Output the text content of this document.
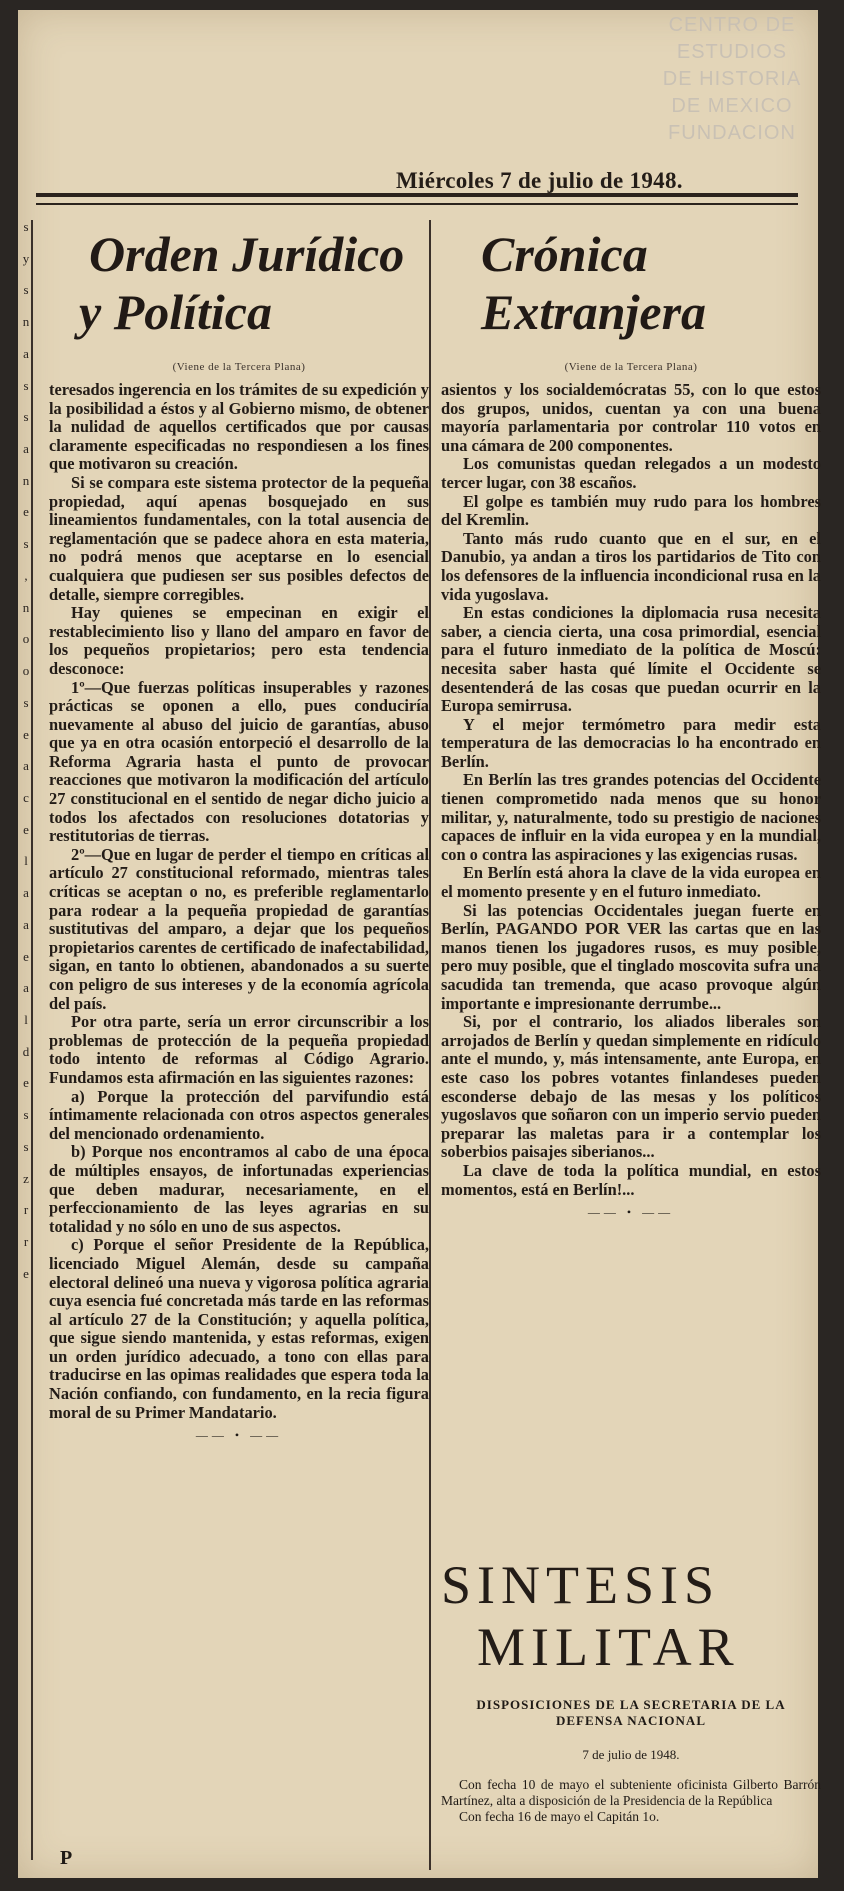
CENTRO DE
ESTUDIOS
DE HISTORIA
DE MEXICO
FUNDACION
s
y
s
n
a
s
s
a
n
e
s
,
n
o
o
s
e
a
c
e
l
a
a
e
a
l
d
e
s
s
z
r
r
e
Miércoles 7 de julio de 1948.
Orden Jurídico
y Política
(Viene de la Tercera Plana)

teresados ingerencia en los trámites de su expedición y la posibilidad a éstos y al Gobierno mismo, de obtener la nulidad de aquellos certificados que por causas claramente especificadas no respondiesen a los fines que motivaron su creación.

Si se compara este sistema protector de la pequeña propiedad, aquí apenas bosquejado en sus lineamientos fundamentales, con la total ausencia de reglamentación que se padece ahora en esta materia, no podrá menos que aceptarse en lo esencial cualquiera que pudiesen ser sus posibles defectos de detalle, siempre corregibles.

Hay quienes se empecinan en exigir el restablecimiento liso y llano del amparo en favor de los pequeños propietarios; pero esta tendencia desconoce:

1º—Que fuerzas políticas insuperables y razones prácticas se oponen a ello, pues conduciría nuevamente al abuso del juicio de garantías, abuso que ya en otra ocasión entorpeció el desarrollo de la Reforma Agraria hasta el punto de provocar reacciones que motivaron la modificación del artículo 27 constitucional en el sentido de negar dicho juicio a todos los afectados con resoluciones dotatorias y restitutorias de tierras.

2º—Que en lugar de perder el tiempo en críticas al artículo 27 constitucional reformado, mientras tales críticas se aceptan o no, es preferible reglamentarlo para rodear a la pequeña propiedad de garantías sustitutivas del amparo, a dejar que los pequeños propietarios carentes de certificado de inafectabilidad, sigan, en tanto lo obtienen, abandonados a su suerte con peligro de sus intereses y de la economía agrícola del país.

Por otra parte, sería un error circunscribir a los problemas de protección de la pequeña propiedad todo intento de reformas al Código Agrario. Fundamos esta afirmación en las siguientes razones:

a) Porque la protección del parvifundio está íntimamente relacionada con otros aspectos generales del mencionado ordenamiento.

b) Porque nos encontramos al cabo de una época de múltiples ensayos, de infortunadas experiencias que deben madurar, necesariamente, en el perfeccionamiento de las leyes agrarias en su totalidad y no sólo en uno de sus aspectos.

c) Porque el señor Presidente de la República, licenciado Miguel Alemán, desde su campaña electoral delineó una nueva y vigorosa política agraria cuya esencia fué concretada más tarde en las reformas al artículo 27 de la Constitución; y aquella política, que sigue siendo mantenida, y estas reformas, exigen un orden jurídico adecuado, a tono con ellas para traducirse en las opimas realidades que espera toda la Nación confiando, con fundamento, en la recia figura moral de su Primer Mandatario.

—— • ——
Crónica
Extranjera
(Viene de la Tercera Plana)

asientos y los socialdemócratas 55, con lo que estos dos grupos, unidos, cuentan ya con una buena mayoría parlamentaria por controlar 110 votos en una cámara de 200 componentes.

Los comunistas quedan relegados a un modesto tercer lugar, con 38 escaños.

El golpe es también muy rudo para los hombres del Kremlin.

Tanto más rudo cuanto que en el sur, en el Danubio, ya andan a tiros los partidarios de Tito con los defensores de la influencia incondicional rusa en la vida yugoslava.

En estas condiciones la diplomacia rusa necesita saber, a ciencia cierta, una cosa primordial, esencial para el futuro inmediato de la política de Moscú: necesita saber hasta qué límite el Occidente se desentenderá de las cosas que puedan ocurrir en la Europa semirrusa.

Y el mejor termómetro para medir esta temperatura de las democracias lo ha encontrado en Berlín.

En Berlín las tres grandes potencias del Occidente tienen comprometido nada menos que su honor militar, y, naturalmente, todo su prestigio de naciones capaces de influir en la vida europea y en la mundial, con o contra las aspiraciones y las exigencias rusas.

En Berlín está ahora la clave de la vida europea en el momento presente y en el futuro inmediato.

Si las potencias Occidentales juegan fuerte en Berlín, PAGANDO POR VER las cartas que en las manos tienen los jugadores rusos, es muy posible, pero muy posible, que el tinglado moscovita sufra una sacudida tan tremenda, que acaso provoque algún importante e impresionante derrumbe...

Si, por el contrario, los aliados liberales son arrojados de Berlín y quedan simplemente en ridículo ante el mundo, y, más intensamente, ante Europa, en este caso los pobres votantes finlandeses pueden esconderse debajo de las mesas y los políticos yugoslavos que soñaron con un imperio servio pueden preparar las maletas para ir a contemplar los soberbios paisajes siberianos...

La clave de toda la política mundial, en estos momentos, está en Berlín!...

—— • ——
SINTESIS
MILITAR
DISPOSICIONES DE LA SECRETARIA DE LA DEFENSA NACIONAL
7 de julio de 1948.

Con fecha 10 de mayo el subteniente oficinista Gilberto Barrón Martínez, alta a disposición de la Presidencia de la República

Con fecha 16 de mayo el Capitán 1o.

P
